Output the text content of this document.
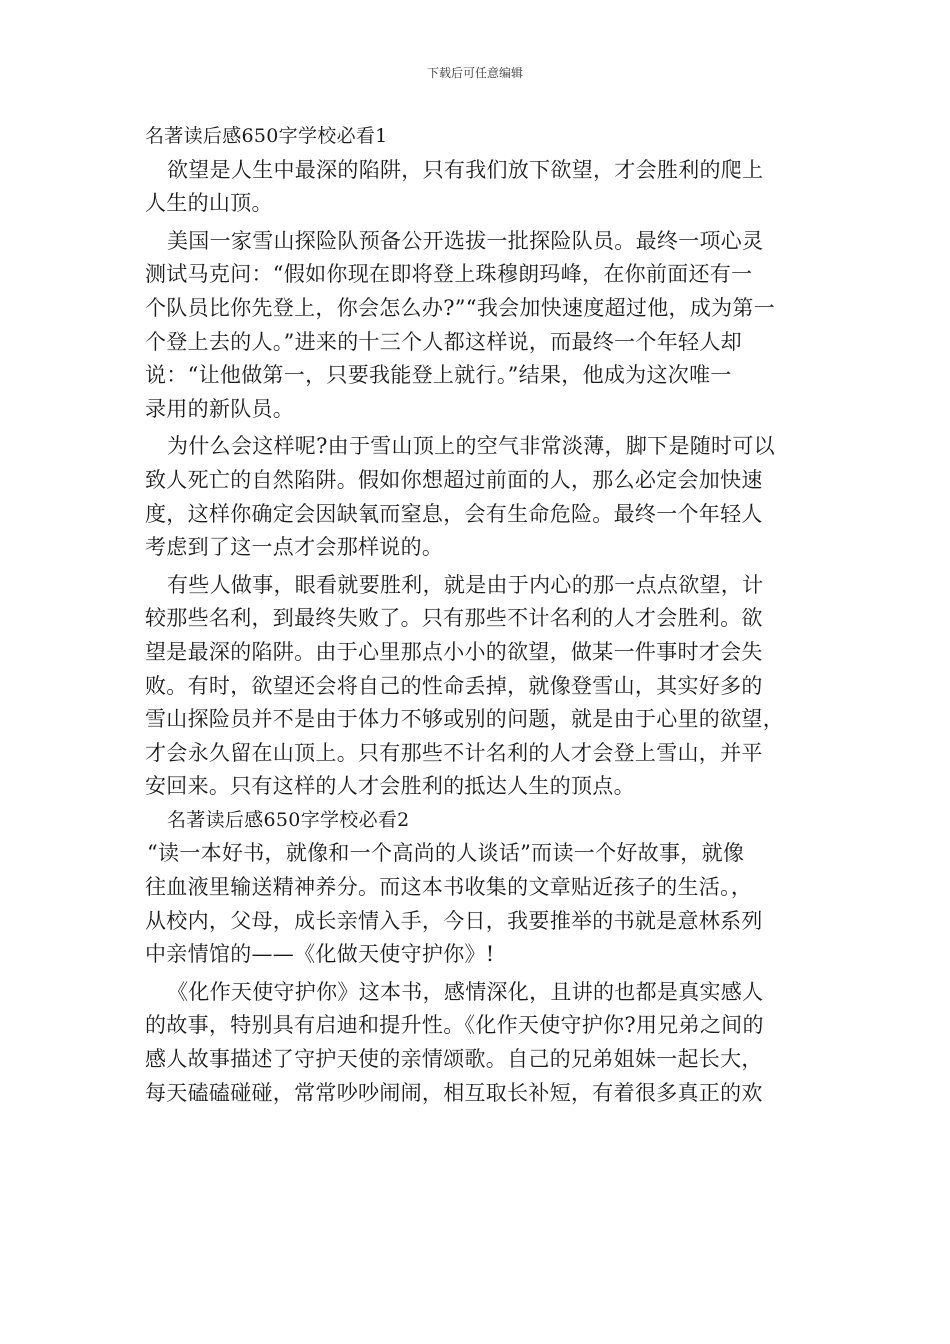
下载后可任意编辑
名著读后感650字学校必看1
欲望是人生中最深的陷阱，只有我们放下欲望，才会胜利的爬上
人生的山顶。
美国一家雪山探险队预备公开选拔一批探险队员。最终一项心灵
测试马克问：“假如你现在即将登上珠穆朗玛峰，在你前面还有一
个队员比你先登上，你会怎么办?”“我会加快速度超过他，成为第一
个登上去的人。”进来的十三个人都这样说，而最终一个年轻人却
说：“让他做第一，只要我能登上就行。”结果，他成为这次唯一
录用的新队员。
为什么会这样呢?由于雪山顶上的空气非常淡薄，脚下是随时可以
致人死亡的自然陷阱。假如你想超过前面的人，那么必定会加快速
度，这样你确定会因缺氧而窒息，会有生命危险。最终一个年轻人
考虑到了这一点才会那样说的。
有些人做事，眼看就要胜利，就是由于内心的那一点点欲望，计
较那些名利，到最终失败了。只有那些不计名利的人才会胜利。欲
望是最深的陷阱。由于心里那点小小的欲望，做某一件事时才会失
败。有时，欲望还会将自己的性命丢掉，就像登雪山，其实好多的
雪山探险员并不是由于体力不够或别的问题，就是由于心里的欲望，
才会永久留在山顶上。只有那些不计名利的人才会登上雪山，并平
安回来。只有这样的人才会胜利的抵达人生的顶点。
名著读后感650字学校必看2
“读一本好书，就像和一个高尚的人谈话”而读一个好故事，就像
往血液里输送精神养分。而这本书收集的文章贴近孩子的生活。，
从校内，父母，成长亲情入手，今日，我要推举的书就是意林系列
中亲情馆的——《化做天使守护你》!
《化作天使守护你》这本书，感情深化，且讲的也都是真实感人
的故事，特别具有启迪和提升性。《化作天使守护你?用兄弟之间的
感人故事描述了守护天使的亲情颂歌。自己的兄弟姐妹一起长大，
每天磕磕碰碰，常常吵吵闹闹，相互取长补短，有着很多真正的欢
